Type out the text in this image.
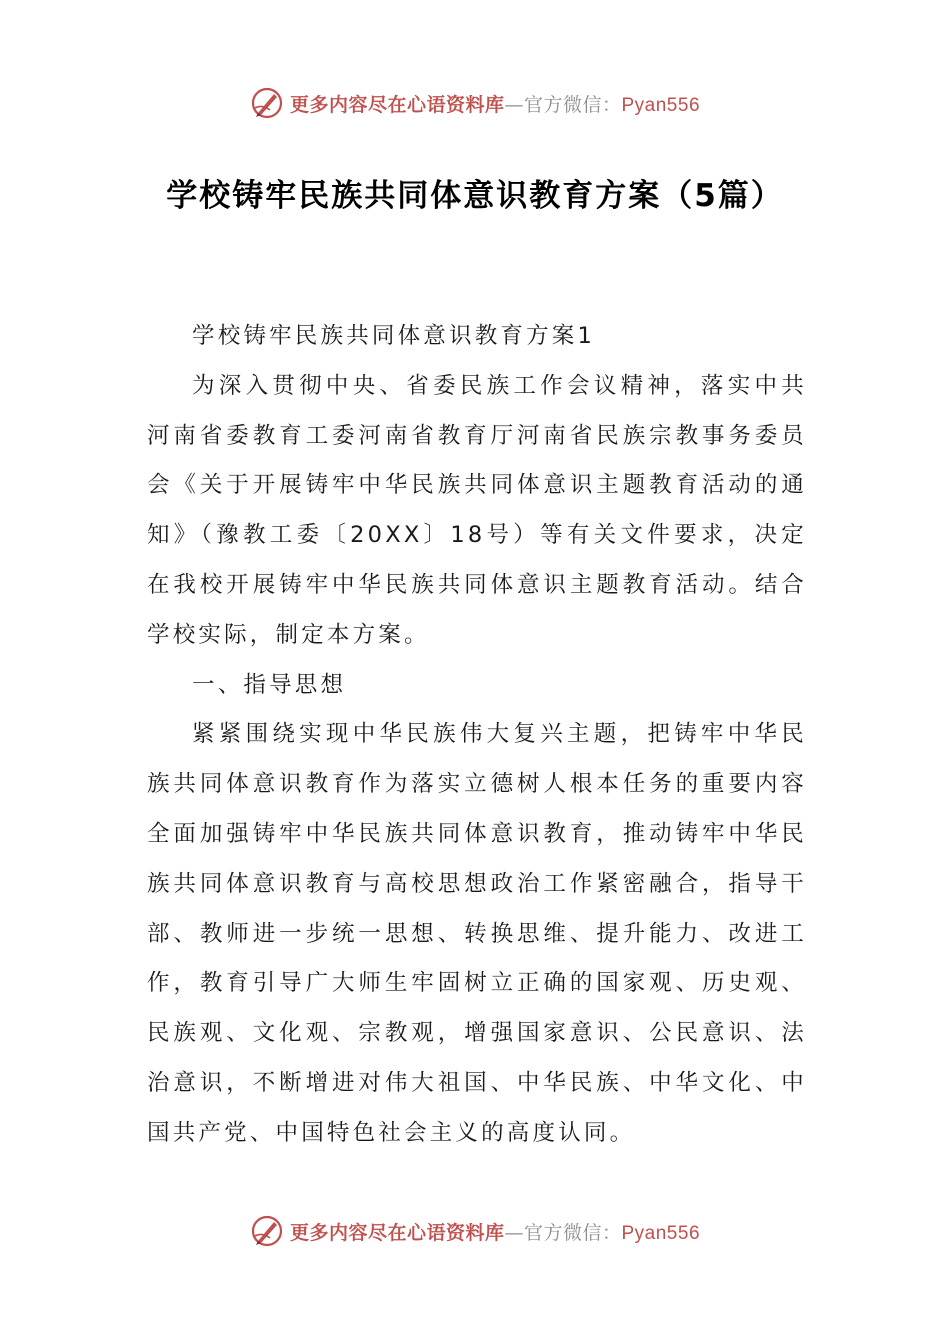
更多内容尽在心语资料库—官方微信：Pyan556
学校铸牢民族共同体意识教育方案（5篇）

学校铸牢民族共同体意识教育方案1

为深入贯彻中央、省委民族工作会议精神，落实中共河南省委教育工委河南省教育厅河南省民族宗教事务委员会《关于开展铸牢中华民族共同体意识主题教育活动的通知》（豫教工委〔20XX〕18号）等有关文件要求，决定在我校开展铸牢中华民族共同体意识主题教育活动。结合学校实际，制定本方案。

一、指导思想

紧紧围绕实现中华民族伟大复兴主题，把铸牢中华民族共同体意识教育作为落实立德树人根本任务的重要内容全面加强铸牢中华民族共同体意识教育，推动铸牢中华民族共同体意识教育与高校思想政治工作紧密融合，指导干部、教师进一步统一思想、转换思维、提升能力、改进工作，教育引导广大师生牢固树立正确的国家观、历史观、民族观、文化观、宗教观，增强国家意识、公民意识、法治意识，不断增进对伟大祖国、中华民族、中华文化、中国共产党、中国特色社会主义的高度认同。

更多内容尽在心语资料库—官方微信：Pyan556
